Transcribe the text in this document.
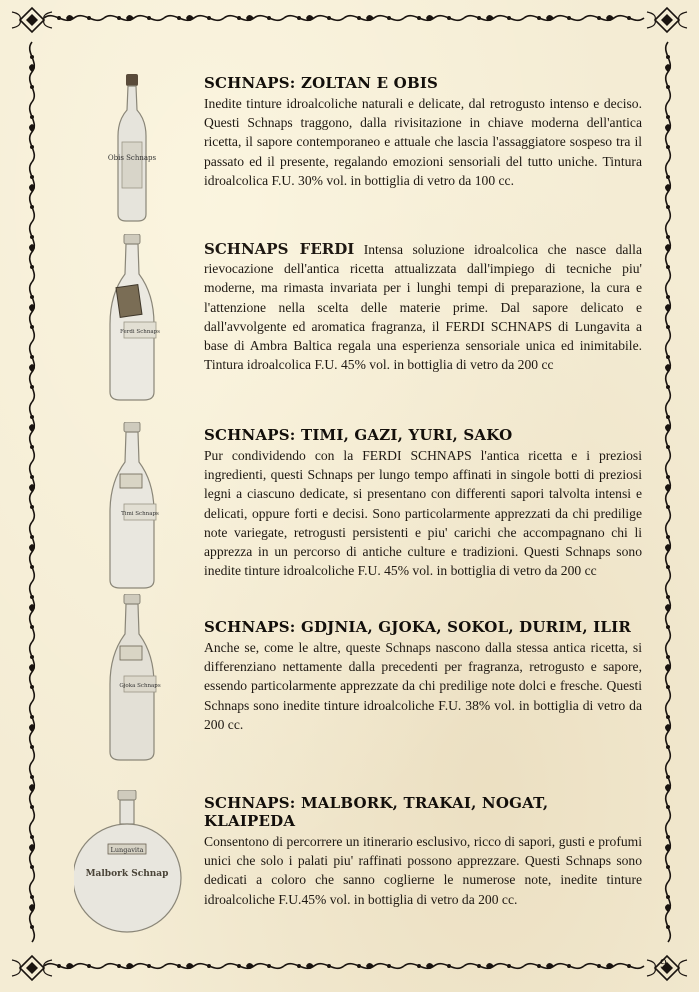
Obis Schnaps
SCHNAPS: ZOLTAN E OBIS

Inedite tinture idroalcoliche naturali e delicate, dal retrogusto intenso e deciso. Questi Schnaps traggono, dalla rivisitazione in chiave moderna dell'antica ricetta, il sapore contemporaneo e attuale che lascia l'assaggiatore sospeso tra il passato ed il presente, regalando emozioni sensoriali del tutto uniche. Tintura idroalcolica F.U. 30% vol. in bottiglia di vetro da 100 cc.

Ferdi Schnaps

SCHNAPS FERDI Intensa soluzione idroalcolica che nasce dalla rievocazione dell'antica ricetta attualizzata dall'impiego di tecniche piu' moderne, ma rimasta invariata per i lunghi tempi di preparazione, la cura e l'attenzione nella scelta delle materie prime. Dal sapore delicato e dall'avvolgente ed aromatica fragranza, il FERDI SCHNAPS di Lungavita a base di Ambra Baltica regala una esperienza sensoriale unica ed inimitabile. Tintura idroalcolica F.U. 45% vol. in bottiglia di vetro da 200 cc

Timi Schnaps
SCHNAPS: TIMI, GAZI, YURI, SAKO

Pur condividendo con la FERDI SCHNAPS l'antica ricetta e i preziosi ingredienti, questi Schnaps per lungo tempo affinati in singole botti di preziosi legni a ciascuno dedicate, si presentano con differenti sapori talvolta intensi e delicati, oppure forti e decisi. Sono particolarmente apprezzati da chi predilige note variegate, retrogusti persistenti e piu' carichi che accompagnano chi li apprezza in un percorso di antiche culture e tradizioni. Questi Schnaps sono inedite tinture idroalcoliche F.U. 45% vol. in bottiglia di vetro da 200 cc

Gjoka Schnaps
SCHNAPS: GDJNIA, GJOKA, SOKOL, DURIM, ILIR

Anche se, come le altre, queste Schnaps nascono dalla stessa antica ricetta, si differenziano nettamente dalla precedenti per fragranza, retrogusto e sapore, essendo particolarmente apprezzate da chi predilige note dolci e fresche. Questi Schnaps sono inedite tinture idroalcoliche F.U. 38% vol. in bottiglia di vetro da 200 cc.

Lungavita
Malbork Schnap
SCHNAPS: MALBORK, TRAKAI, NOGAT, KLAIPEDA

Consentono di percorrere un itinerario esclusivo, ricco di sapori, gusti e profumi unici che solo i palati piu' raffinati possono apprezzare. Questi Schnaps sono dedicati a coloro che sanno coglierne le numerose note, inedite tinture idroalcoliche F.U.45% vol. in bottiglia di vetro da 200 cc.

9
